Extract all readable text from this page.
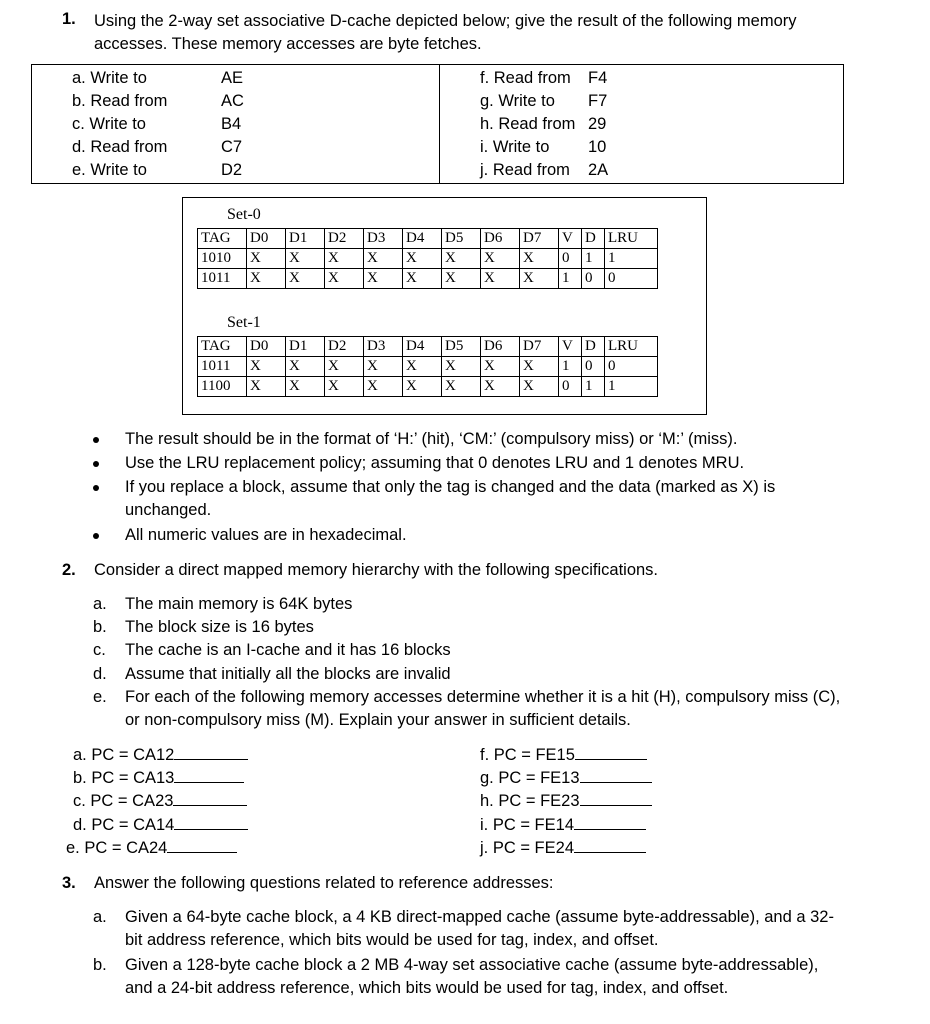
1. Using the 2-way set associative D-cache depicted below; give the result of the following memory
accesses. These memory accesses are byte fetches.
a. Write to	AE
b. Read from	AC
c. Write to	B4
d. Read from	C7
e. Write to	D2
f. Read from F4
g. Write to F7
h. Read from 29
i. Write to 10
j. Read from 2A
Set-0
TAG	D0	D1	D2	D3	D4	D5	D6	D7	V	D	LRU
1010	X	X	X	X	X	X	X	X	0	1	1
1011	X	X	X	X	X	X	X	X	1	0	0
Set-1
TAG	D0	D1	D2	D3	D4	D5	D6	D7	V	D	LRU
1011	X	X	X	X	X	X	X	X	1	0	0
1100	X	X	X	X	X	X	X	X	0	1	1
The result should be in the format of ‘H:’ (hit), ‘CM:’ (compulsory miss) or ‘M:’ (miss).
Use the LRU replacement policy; assuming that 0 denotes LRU and 1 denotes MRU.
If you replace a block, assume that only the tag is changed and the data (marked as X) is unchanged.
All numeric values are in hexadecimal.
2. Consider a direct mapped memory hierarchy with the following specifications.
a.	The main memory is 64K bytes
b.	The block size is 16 bytes
c.	The cache is an I-cache and it has 16 blocks
d.	Assume that initially all the blocks are invalid
e.	For each of the following memory accesses determine whether it is a hit (H), compulsory miss (C), or non-compulsory miss (M). Explain your answer in sufficient details.
a. PC = CA12
b. PC = CA13
c. PC = CA23
d. PC = CA14
e. PC = CA24
f. PC = FE15
g. PC = FE13
h. PC = FE23
i. PC = FE14
j. PC = FE24
3. Answer the following questions related to reference addresses:
a.	Given a 64-byte cache block, a 4 KB direct-mapped cache (assume byte-addressable), and a 32-bit address reference, which bits would be used for tag, index, and offset.
b.	Given a 128-byte cache block a 2 MB 4-way set associative cache (assume byte-addressable), and a 24-bit address reference, which bits would be used for tag, index, and offset.
